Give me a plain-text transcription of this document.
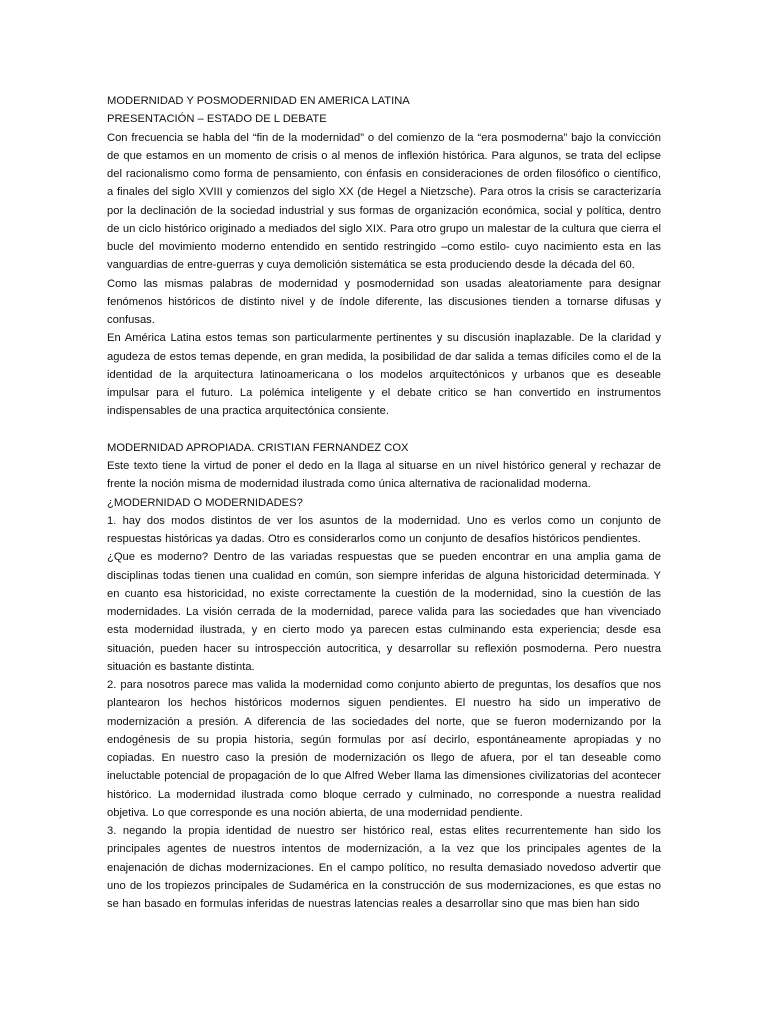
MODERNIDAD Y POSMODERNIDAD EN AMERICA LATINA

PRESENTACIÓN – ESTADO DE L DEBATE

Con frecuencia se habla del “fin de la modernidad” o del comienzo de la “era posmoderna” bajo la convicción de que estamos en un momento de crisis o al menos de inflexión histórica. Para algunos, se trata del eclipse del racionalismo como forma de pensamiento, con énfasis en consideraciones de orden filosófico o científico, a finales del siglo XVIII y comienzos del siglo XX (de Hegel a Nietzsche). Para otros la crisis se caracterizaría por la declinación de la sociedad industrial y sus formas de organización económica, social y política, dentro de un ciclo histórico originado a mediados del siglo XIX. Para otro grupo un malestar de la cultura que cierra el bucle del movimiento moderno entendido en sentido restringido –como estilo- cuyo nacimiento esta en las vanguardias de entre-guerras y cuya demolición sistemática se esta produciendo desde la década del 60.

Como las mismas palabras de modernidad y posmodernidad son usadas aleatoriamente para designar fenómenos históricos de distinto nivel y de índole diferente, las discusiones tienden a tornarse difusas y confusas.

En América Latina estos temas son particularmente pertinentes y su discusión inaplazable. De la claridad y agudeza de estos temas depende, en gran medida, la posibilidad de dar salida a temas difíciles como el de la identidad de la arquitectura latinoamericana o los modelos arquitectónicos y urbanos que es deseable impulsar para el futuro. La polémica inteligente y el debate critico se han convertido en instrumentos indispensables de una practica arquitectónica consiente.

MODERNIDAD APROPIADA. CRISTIAN FERNANDEZ COX

Este texto tiene la virtud de poner el dedo en la llaga al situarse en un nivel histórico general y rechazar de frente la noción misma de modernidad ilustrada como única alternativa de racionalidad moderna.

¿MODERNIDAD O MODERNIDADES?

1. hay dos modos distintos de ver los asuntos de la modernidad. Uno es verlos como un conjunto de respuestas históricas ya dadas. Otro es considerarlos como un conjunto de desafíos históricos pendientes.

¿Que es moderno? Dentro de las variadas respuestas que se pueden encontrar en una amplia gama de disciplinas todas tienen una cualidad en común, son siempre inferidas de alguna historicidad determinada. Y en cuanto esa historicidad, no existe correctamente la cuestión de la modernidad, sino la cuestión de las modernidades. La visión cerrada de la modernidad, parece valida para las sociedades que han vivenciado esta modernidad ilustrada, y en cierto modo ya parecen estas culminando esta experiencia; desde esa situación, pueden hacer su introspección autocritica, y desarrollar su reflexión posmoderna. Pero nuestra situación es bastante distinta.

2. para nosotros parece mas valida la modernidad como conjunto abierto de preguntas, los desafíos que nos plantearon los hechos históricos modernos siguen pendientes. El nuestro ha sido un imperativo de modernización a presión. A diferencia de las sociedades del norte, que se fueron modernizando por la endogénesis de su propia historia, según formulas por así decirlo, espontáneamente apropiadas y no copiadas. En nuestro caso la presión de modernización os llego de afuera, por el tan deseable como ineluctable potencial de propagación de lo que Alfred Weber llama las dimensiones civilizatorias del acontecer histórico. La modernidad ilustrada como bloque cerrado y culminado, no corresponde a nuestra realidad objetiva. Lo que corresponde es una noción abierta, de una modernidad pendiente.

3. negando la propia identidad de nuestro ser histórico real, estas elites recurrentemente han sido los principales agentes de nuestros intentos de modernización, a la vez que los principales agentes de la enajenación de dichas modernizaciones. En el campo político, no resulta demasiado novedoso advertir que uno de los tropiezos principales de Sudamérica en la construcción de sus modernizaciones, es que estas no se han basado en formulas inferidas de nuestras latencias reales a desarrollar sino que mas bien han sido
